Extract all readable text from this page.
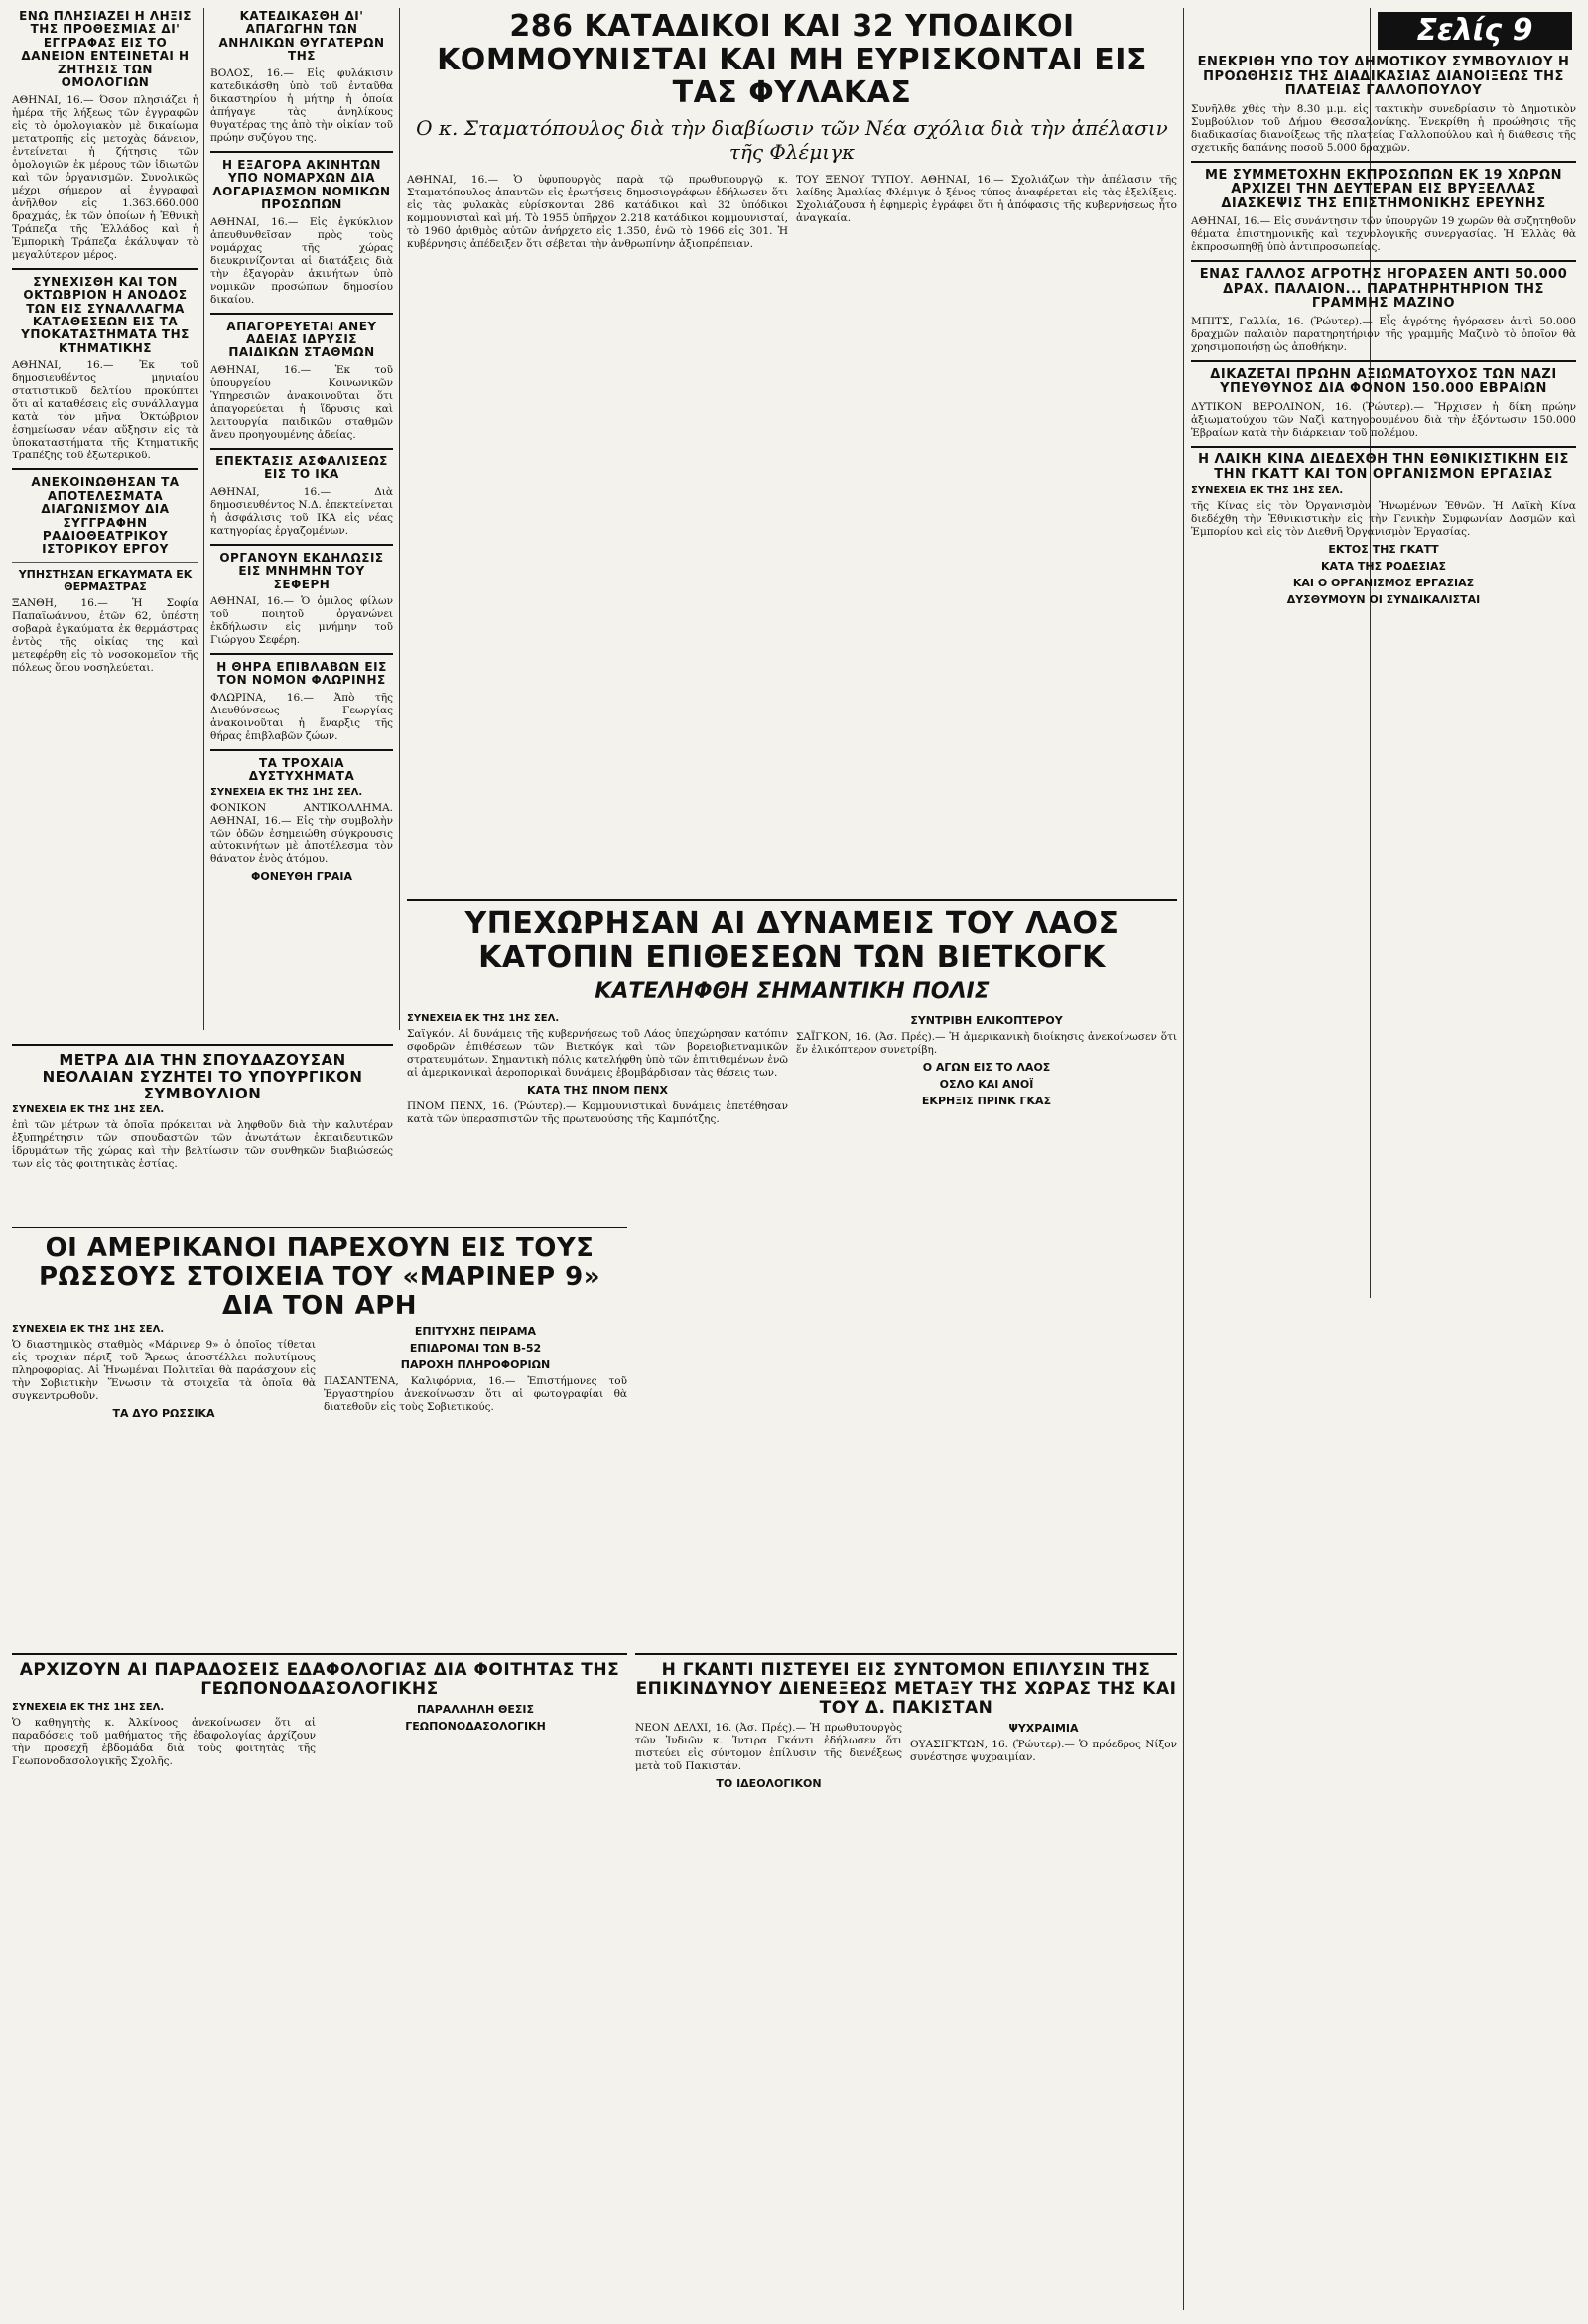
Σελίς 9
ΕΝΩ ΠΛΗΣΙΑΖΕΙ Η ΛΗΞΙΣ ΤΗΣ ΠΡΟΘΕΣΜΙΑΣ ΔΙ' ΕΓΓΡΑΦΑΣ ΕΙΣ ΤΟ ΔΑΝΕΙΟΝ ΕΝΤΕΙΝΕΤΑΙ Η ΖΗΤΗΣΙΣ ΤΩΝ ΟΜΟΛΟΓΙΩΝ
ΑΘΗΝΑΙ, 16.— Όσον πλησιάζει ἡ ἡμέρα τῆς λήξεως τῶν ἐγγραφῶν εἰς τὸ ὁμολογιακὸν μὲ δικαίωμα μετατροπῆς εἰς μετοχὰς δάνειον, ἐντείνεται ἡ ζήτησις τῶν ὁμολογιῶν ἐκ μέρους τῶν ἰδιωτῶν καὶ τῶν ὀργανισμῶν. Συνολικῶς μέχρι σήμερον αἱ ἐγγραφαὶ ἀνῆλθον εἰς 1.363.660.000 δραχμάς, ἐκ τῶν ὁποίων ἡ Ἐθνικὴ Τράπεζα τῆς Ἑλλάδος καὶ ἡ Ἐμπορικὴ Τράπεζα ἐκάλυψαν τὸ μεγαλύτερον μέρος.
ΣΥΝΕΧΙΣΘΗ ΚΑΙ ΤΟΝ ΟΚΤΩΒΡΙΟΝ Η ΑΝΟΔΟΣ ΤΩΝ ΕΙΣ ΣΥΝΑΛΛΑΓΜΑ ΚΑΤΑΘΕΣΕΩΝ ΕΙΣ ΤΑ ΥΠΟΚΑΤΑΣΤΗΜΑΤΑ ΤΗΣ ΚΤΗΜΑΤΙΚΗΣ
ΑΘΗΝΑΙ, 16.— Ἐκ τοῦ δημοσιευθέντος μηνιαίου στατιστικοῦ δελτίου προκύπτει ὅτι αἱ καταθέσεις εἰς συνάλλαγμα κατὰ τὸν μῆνα Ὀκτώβριον ἐσημείωσαν νέαν αὔξησιν εἰς τὰ ὑποκαταστήματα τῆς Κτηματικῆς Τραπέζης τοῦ ἐξωτερικοῦ.
ΑΝΕΚΟΙΝΩΘΗΣΑΝ ΤΑ ΑΠΟΤΕΛΕΣΜΑΤΑ ΔΙΑΓΩΝΙΣΜΟΥ ΔΙΑ ΣΥΓΓΡΑΦΗΝ ΡΑΔΙΟΘΕΑΤΡΙΚΟΥ ΙΣΤΟΡΙΚΟΥ ΕΡΓΟΥ
ΥΠΗΣΤΗΣΑΝ ΕΓΚΑΥΜΑΤΑ ΕΚ ΘΕΡΜΑΣΤΡΑΣ
ΞΑΝΘΗ, 16.— Ἡ Σοφία Παπαϊωάννου, ἐτῶν 62, ὑπέστη σοβαρὰ ἐγκαύματα ἐκ θερμάστρας ἐντὸς τῆς οἰκίας της καὶ μετεφέρθη εἰς τὸ νοσοκομεῖον τῆς πόλεως ὅπου νοσηλεύεται.
ΚΑΤΕΔΙΚΑΣΘΗ ΔΙ' ΑΠΑΓΩΓΗΝ ΤΩΝ ΑΝΗΛΙΚΩΝ ΘΥΓΑΤΕΡΩΝ ΤΗΣ
ΒΟΛΟΣ, 16.— Εἰς φυλάκισιν κατεδικάσθη ὑπὸ τοῦ ἐνταῦθα δικαστηρίου ἡ μήτηρ ἡ ὁποία ἀπήγαγε τὰς ἀνηλίκους θυγατέρας της ἀπὸ τὴν οἰκίαν τοῦ πρώην συζύγου της.
Η ΕΞΑΓΟΡΑ ΑΚΙΝΗΤΩΝ ΥΠΟ ΝΟΜΑΡΧΩΝ ΔΙΑ ΛΟΓΑΡΙΑΣΜΟΝ ΝΟΜΙΚΩΝ ΠΡΟΣΩΠΩΝ
ΑΘΗΝΑΙ, 16.— Εἰς ἐγκύκλιον ἀπευθυνθεῖσαν πρὸς τοὺς νομάρχας τῆς χώρας διευκρινίζονται αἱ διατάξεις διὰ τὴν ἐξαγορὰν ἀκινήτων ὑπὸ νομικῶν προσώπων δημοσίου δικαίου.
ΑΠΑΓΟΡΕΥΕΤΑΙ ΑΝΕΥ ΑΔΕΙΑΣ ΙΔΡΥΣΙΣ ΠΑΙΔΙΚΩΝ ΣΤΑΘΜΩΝ
ΑΘΗΝΑΙ, 16.— Ἐκ τοῦ ὑπουργείου Κοινωνικῶν Ὑπηρεσιῶν ἀνακοινοῦται ὅτι ἀπαγορεύεται ἡ ἵδρυσις καὶ λειτουργία παιδικῶν σταθμῶν ἄνευ προηγουμένης ἀδείας.
ΕΠΕΚΤΑΣΙΣ ΑΣΦΑΛΙΣΕΩΣ ΕΙΣ ΤΟ ΙΚΑ
ΑΘΗΝΑΙ, 16.— Διὰ δημοσιευθέντος Ν.Δ. ἐπεκτείνεται ἡ ἀσφάλισις τοῦ ΙΚΑ εἰς νέας κατηγορίας ἐργαζομένων.
ΟΡΓΑΝΟΥΝ ΕΚΔΗΛΩΣΙΣ ΕΙΣ ΜΝΗΜΗΝ ΤΟΥ ΣΕΦΕΡΗ
ΑΘΗΝΑΙ, 16.— Ὁ ὀμιλος φίλων τοῦ ποιητοῦ ὀργανώνει ἐκδήλωσιν εἰς μνήμην τοῦ Γιώργου Σεφέρη.
Η ΘΗΡΑ ΕΠΙΒΛΑΒΩΝ ΕΙΣ ΤΟΝ ΝΟΜΟΝ ΦΛΩΡΙΝΗΣ
ΦΛΩΡΙΝΑ, 16.— Ἀπὸ τῆς Διευθύνσεως Γεωργίας ἀνακοινοῦται ἡ ἔναρξις τῆς θήρας ἐπιβλαβῶν ζώων.
ΤΑ ΤΡΟΧΑΙΑ ΔΥΣΤΥΧΗΜΑΤΑ
ΣΥΝΕΧΕΙΑ ΕΚ ΤΗΣ 1ΗΣ ΣΕΛ.
ΦΟΝΙΚΟΝ ΑΝΤΙΚΟΛΛΗΜΑ. ΑΘΗΝΑΙ, 16.— Εἰς τὴν συμβολὴν τῶν ὁδῶν ἐσημειώθη σύγκρουσις αὐτοκινήτων μὲ ἀποτέλεσμα τὸν θάνατον ἑνὸς ἀτόμου.
ΦΟΝΕΥΘΗ ΓΡΑΙΑ
ΜΕΤΡΑ ΔΙΑ ΤΗΝ ΣΠΟΥΔΑΖΟΥΣΑΝ ΝΕΟΛΑΙΑΝ ΣΥΖΗΤΕΙ ΤΟ ΥΠΟΥΡΓΙΚΟΝ ΣΥΜΒΟΥΛΙΟΝ
ΣΥΝΕΧΕΙΑ ΕΚ ΤΗΣ 1ΗΣ ΣΕΛ.
ἐπὶ τῶν μέτρων τὰ ὁποῖα πρόκειται νὰ ληφθοῦν διὰ τὴν καλυτέραν ἐξυπηρέτησιν τῶν σπουδαστῶν τῶν ἀνωτάτων ἐκπαιδευτικῶν ἱδρυμάτων τῆς χώρας καὶ τὴν βελτίωσιν τῶν συνθηκῶν διαβιώσεώς των εἰς τὰς φοιτητικὰς ἑστίας.
286 ΚΑΤΑΔΙΚΟΙ ΚΑΙ 32 ΥΠΟΔΙΚΟΙ ΚΟΜΜΟΥΝΙΣΤΑΙ ΚΑΙ ΜΗ ΕΥΡΙΣΚΟΝΤΑΙ ΕΙΣ ΤΑΣ ΦΥΛΑΚΑΣ
Ο κ. Σταματόπουλος διὰ τὴν διαβίωσιν τῶν Νέα σχόλια διὰ τὴν ἀπέλασιν τῆς Φλέμιγκ
ΑΘΗΝΑΙ, 16.— Ὁ ὑφυπουργὸς παρὰ τῷ πρωθυπουργῷ κ. Σταματόπουλος ἀπαντῶν εἰς ἐρωτήσεις δημοσιογράφων ἐδήλωσεν ὅτι εἰς τὰς φυλακὰς εὑρίσκονται 286 κατάδικοι καὶ 32 ὑπόδικοι κομμουνισταὶ καὶ μή. Τὸ 1955 ὑπῆρχον 2.218 κατάδικοι κομμουνισταί, τὸ 1960 ἀριθμὸς αὐτῶν ἀνήρχετο εἰς 1.350, ἐνῶ τὸ 1966 εἰς 301. Ἡ κυβέρνησις ἀπέδειξεν ὅτι σέβεται τὴν ἀνθρωπίνην ἀξιοπρέπειαν.
ΤΟΥ ΞΕΝΟΥ ΤΥΠΟΥ. ΑΘΗΝΑΙ, 16.— Σχολιάζων τὴν ἀπέλασιν τῆς λαίδης Ἀμαλίας Φλέμιγκ ὁ ξένος τύπος ἀναφέρεται εἰς τὰς ἐξελίξεις. Σχολιάζουσα ἡ ἐφημερὶς ἐγράφει ὅτι ἡ ἀπόφασις τῆς κυβερνήσεως ἦτο ἀναγκαία.
ΥΠΕΧΩΡΗΣΑΝ ΑΙ ΔΥΝΑΜΕΙΣ ΤΟΥ ΛΑΟΣ ΚΑΤΟΠΙΝ ΕΠΙΘΕΣΕΩΝ ΤΩΝ ΒΙΕΤΚΟΓΚ
ΚΑΤΕΛΗΦΘΗ ΣΗΜΑΝΤΙΚΗ ΠΟΛΙΣ
ΣΥΝΕΧΕΙΑ ΕΚ ΤΗΣ 1ΗΣ ΣΕΛ.
Σαϊγκόν. Αἱ δυνάμεις τῆς κυβερνήσεως τοῦ Λάος ὑπεχώρησαν κατόπιν σφοδρῶν ἐπιθέσεων τῶν Βιετκόγκ καὶ τῶν βορειοβιετναμικῶν στρατευμάτων. Σημαντικὴ πόλις κατελήφθη ὑπὸ τῶν ἐπιτιθεμένων ἐνῶ αἱ ἀμερικανικαὶ ἀεροπορικαὶ δυνάμεις ἐβομβάρδισαν τὰς θέσεις των.
ΚΑΤΑ ΤΗΣ ΠΝΟΜ ΠΕΝΧ
ΠΝΟΜ ΠΕΝΧ, 16. (Ῥώυτερ).— Κομμουνιστικαὶ δυνάμεις ἐπετέθησαν κατὰ τῶν ὑπερασπιστῶν τῆς πρωτευούσης τῆς Καμπότζης.
ΣΥΝΤΡΙΒΗ ΕΛΙΚΟΠΤΕΡΟΥ
ΣΑΪΓΚΟΝ, 16. (Ἀσ. Πρές).— Ἡ ἀμερικανικὴ διοίκησις ἀνεκοίνωσεν ὅτι ἕν ἐλικόπτερον συνετρίβη.
Ο ΑΓΩΝ ΕΙΣ ΤΟ ΛΑΟΣ
ΟΣΛΟ ΚΑΙ ΑΝΟΪ
ΕΚΡΗΞΙΣ ΠΡΙΝΚ ΓΚΑΣ
Η ΓΚΑΝΤΙ ΠΙΣΤΕΥΕΙ ΕΙΣ ΣΥΝΤΟΜΟΝ ΕΠΙΛΥΣΙΝ ΤΗΣ ΕΠΙΚΙΝΔΥΝΟΥ ΔΙΕΝΕΞΕΩΣ ΜΕΤΑΞΥ ΤΗΣ ΧΩΡΑΣ ΤΗΣ ΚΑΙ ΤΟΥ Δ. ΠΑΚΙΣΤΑΝ
ΝΕΟΝ ΔΕΛΧΙ, 16. (Ἀσ. Πρές).— Ἡ πρωθυπουργὸς τῶν Ἰνδιῶν κ. Ἰντιρα Γκάντι ἐδήλωσεν ὅτι πιστεύει εἰς σύντομον ἐπίλυσιν τῆς διενέξεως μετὰ τοῦ Πακιστάν.
ΤΟ ΙΔΕΟΛΟΓΙΚΟΝ
ΨΥΧΡΑΙΜΙΑ
ΟΥΑΣΙΓΚΤΩΝ, 16. (Ῥώυτερ).— Ὁ πρόεδρος Νίξον συνέστησε ψυχραιμίαν.
ΟΙ ΑΜΕΡΙΚΑΝΟΙ ΠΑΡΕΧΟΥΝ ΕΙΣ ΤΟΥΣ ΡΩΣΣΟΥΣ ΣΤΟΙΧΕΙΑ ΤΟΥ «ΜΑΡΙΝΕΡ 9» ΔΙΑ ΤΟΝ ΑΡΗ
ΣΥΝΕΧΕΙΑ ΕΚ ΤΗΣ 1ΗΣ ΣΕΛ.
Ὁ διαστημικὸς σταθμὸς «Μάρινερ 9» ὁ ὁποῖος τίθεται εἰς τροχιὰν πέριξ τοῦ Ἄρεως ἀποστέλλει πολυτίμους πληροφορίας. Αἱ Ἡνωμέναι Πολιτεῖαι θὰ παράσχουν εἰς τὴν Σοβιετικὴν Ἕνωσιν τὰ στοιχεῖα τὰ ὁποῖα θὰ συγκεντρωθοῦν.
ΤΑ ΔΥΟ ΡΩΣΣΙΚΑ
ΕΠΙΤΥΧΗΣ ΠΕΙΡΑΜΑ
ΕΠΙΔΡΟΜΑΙ ΤΩΝ Β-52
ΠΑΡΟΧΗ ΠΛΗΡΟΦΟΡΙΩΝ
ΠΑΣΑΝΤΕΝΑ, Καλιφόρνια, 16.— Ἐπιστήμονες τοῦ Ἐργαστηρίου ἀνεκοίνωσαν ὅτι αἱ φωτογραφίαι θὰ διατεθοῦν εἰς τοὺς Σοβιετικούς.
ΑΡΧΙΖΟΥΝ ΑΙ ΠΑΡΑΔΟΣΕΙΣ ΕΔΑΦΟΛΟΓΙΑΣ ΔΙΑ ΦΟΙΤΗΤΑΣ ΤΗΣ ΓΕΩΠΟΝΟΔΑΣΟΛΟΓΙΚΗΣ
ΣΥΝΕΧΕΙΑ ΕΚ ΤΗΣ 1ΗΣ ΣΕΛ.
Ὁ καθηγητὴς κ. Ἀλκίνοος ἀνεκοίνωσεν ὅτι αἱ παραδόσεις τοῦ μαθήματος τῆς ἐδαφολογίας ἀρχίζουν τὴν προσεχῆ ἑβδομάδα διὰ τοὺς φοιτητὰς τῆς Γεωπονοδασολογικῆς Σχολῆς.
ΠΑΡΑΛΛΗΛΗ ΘΕΣΙΣ
ΓΕΩΠΟΝΟΔΑΣΟΛΟΓΙΚΗ
ΕΝΕΚΡΙΘΗ ΥΠΟ ΤΟΥ ΔΗΜΟΤΙΚΟΥ ΣΥΜΒΟΥΛΙΟΥ Η ΠΡΟΩΘΗΣΙΣ ΤΗΣ ΔΙΑΔΙΚΑΣΙΑΣ ΔΙΑΝΟΙΞΕΩΣ ΤΗΣ ΠΛΑΤΕΙΑΣ ΓΑΛΛΟΠΟΥΛΟΥ
Συνῆλθε χθὲς τὴν 8.30 μ.μ. εἰς τακτικὴν συνεδρίασιν τὸ Δημοτικὸν Συμβούλιον τοῦ Δήμου Θεσσαλονίκης. Ἐνεκρίθη ἡ προώθησις τῆς διαδικασίας διανοίξεως τῆς πλατείας Γαλλοπούλου καὶ ἡ διάθεσις τῆς σχετικῆς δαπάνης ποσοῦ 5.000 δραχμῶν.
ΜΕ ΣΥΜΜΕΤΟΧΗΝ ΕΚΠΡΟΣΩΠΩΝ ΕΚ 19 ΧΩΡΩΝ ΑΡΧΙΖΕΙ ΤΗΝ ΔΕΥΤΕΡΑΝ ΕΙΣ ΒΡΥΞΕΛΛΑΣ ΔΙΑΣΚΕΨΙΣ ΤΗΣ ΕΠΙΣΤΗΜΟΝΙΚΗΣ ΕΡΕΥΝΗΣ
ΑΘΗΝΑΙ, 16.— Εἰς συνάντησιν τῶν ὑπουργῶν 19 χωρῶν θὰ συζητηθοῦν θέματα ἐπιστημονικῆς καὶ τεχνολογικῆς συνεργασίας. Ἡ Ἑλλὰς θὰ ἐκπροσωπηθῇ ὑπὸ ἀντιπροσωπείας.
ΕΝΑΣ ΓΑΛΛΟΣ ΑΓΡΟΤΗΣ ΗΓΟΡΑΣΕΝ ΑΝΤΙ 50.000 ΔΡΑΧ. ΠΑΛΑΙΟΝ... ΠΑΡΑΤΗΡΗΤΗΡΙΟΝ ΤΗΣ ΓΡΑΜΜΗΣ ΜΑΖΙΝΟ
ΜΠΙΤΣ, Γαλλία, 16. (Ῥώυτερ).— Εἷς ἀγρότης ἠγόρασεν ἀντὶ 50.000 δραχμῶν παλαιὸν παρατηρητήριον τῆς γραμμῆς Μαζινὸ τὸ ὁποῖον θὰ χρησιμοποιήσῃ ὡς ἀποθήκην.
ΔΙΚΑΖΕΤΑΙ ΠΡΩΗΝ ΑΞΙΩΜΑΤΟΥΧΟΣ ΤΩΝ ΝΑΖΙ ΥΠΕΥΘΥΝΟΣ ΔΙΑ ΦΟΝΟΝ 150.000 ΕΒΡΑΙΩΝ
ΔΥΤΙΚΟΝ ΒΕΡΟΛΙΝΟΝ, 16. (Ῥώυτερ).— Ἤρχισεν ἡ δίκη πρώην ἀξιωματούχου τῶν Ναζὶ κατηγορουμένου διὰ τὴν ἐξόντωσιν 150.000 Ἑβραίων κατὰ τὴν διάρκειαν τοῦ πολέμου.
Η ΛΑΙΚΗ ΚΙΝΑ ΔΙΕΔΕΧΘΗ ΤΗΝ ΕΘΝΙΚΙΣΤΙΚΗΝ ΕΙΣ ΤΗΝ ΓΚΑΤΤ ΚΑΙ ΤΟΝ ΟΡΓΑΝΙΣΜΟΝ ΕΡΓΑΣΙΑΣ
ΣΥΝΕΧΕΙΑ ΕΚ ΤΗΣ 1ΗΣ ΣΕΛ.
τῆς Κίνας εἰς τὸν Ὀργανισμὸν Ἡνωμένων Ἐθνῶν. Ἡ Λαϊκὴ Κίνα διεδέχθη τὴν Ἐθνικιστικὴν εἰς τὴν Γενικὴν Συμφωνίαν Δασμῶν καὶ Ἐμπορίου καὶ εἰς τὸν Διεθνῆ Ὀργανισμὸν Ἐργασίας.
ΕΚΤΟΣ ΤΗΣ ΓΚΑΤΤ
ΚΑΤΑ ΤΗΣ ΡΟΔΕΣΙΑΣ
ΚΑΙ Ο ΟΡΓΑΝΙΣΜΟΣ ΕΡΓΑΣΙΑΣ
ΔΥΣΘΥΜΟΥΝ ΟΙ ΣΥΝΔΙΚΑΛΙΣΤΑΙ
